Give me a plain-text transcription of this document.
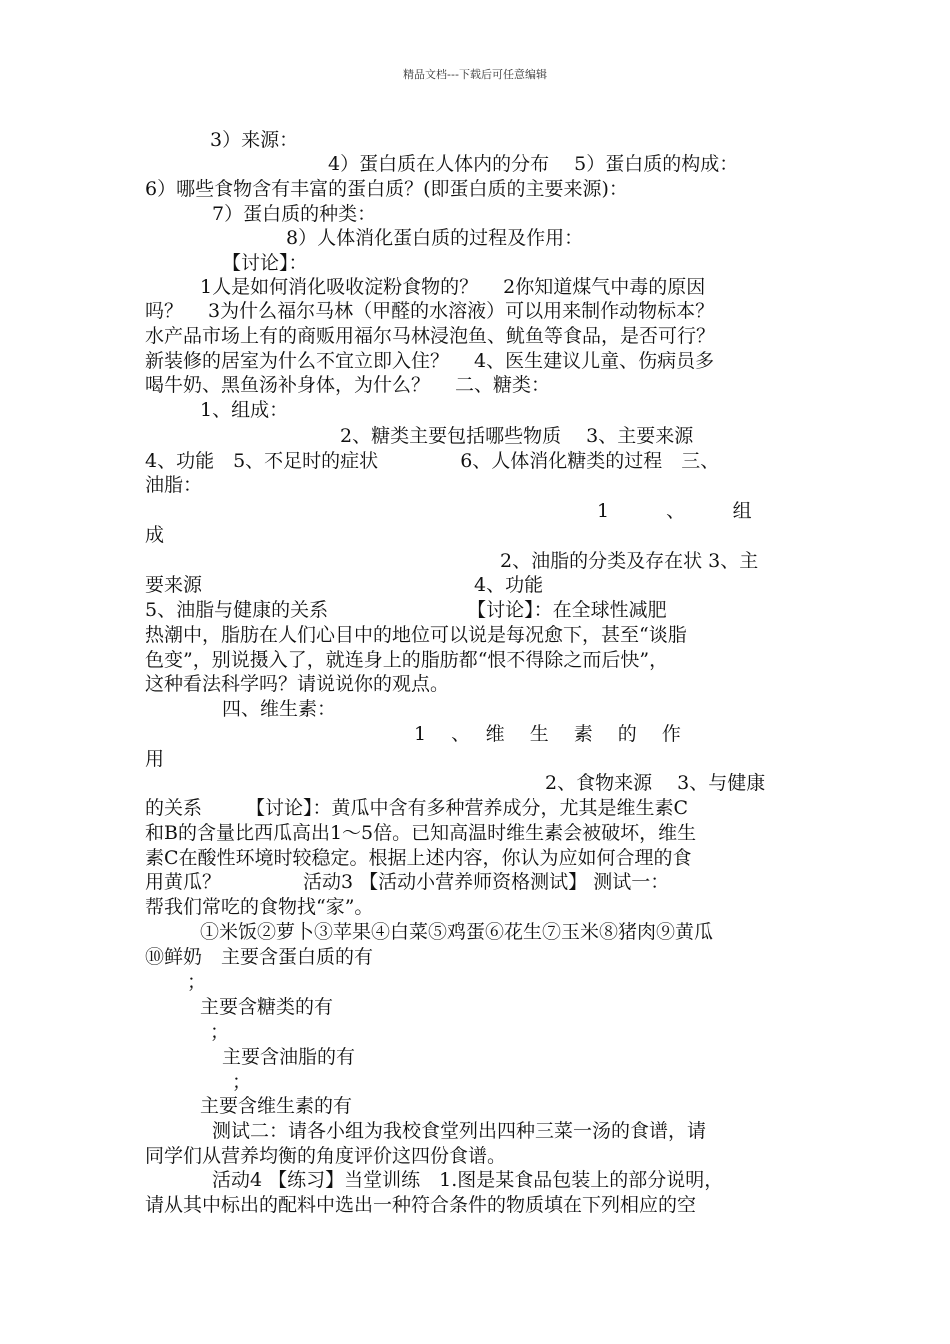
精品文档---下载后可任意编辑
3）来源：
4）蛋白质在人体内的分布　 5）蛋白质的构成：
6）哪些食物含有丰富的蛋白质？(即蛋白质的主要来源)：
7）蛋白质的种类：
8）人体消化蛋白质的过程及作用：
【讨论】：
1人是如何消化吸收淀粉食物的？　 2你知道煤气中毒的原因
吗？　 3为什么福尔马林（甲醛的水溶液）可以用来制作动物标本？
水产品市场上有的商贩用福尔马林浸泡鱼、鱿鱼等食品，是否可行？
新装修的居室为什么不宜立即入住？　 4、医生建议儿童、伤病员多
喝牛奶、黑鱼汤补身体，为什么？　 二、糖类：
1、组成：
2、糖类主要包括哪些物质　 3、主要来源
4、功能　5、不足时的症状　　　　 6、人体消化糖类的过程　三、
油脂：
1　　　、　　　组
成
2、油脂的分类及存在状 3、主
要来源　　　　　　　　　　　　　　 4、功能
5、油脂与健康的关系　　　　　　　 【讨论】：在全球性减肥
热潮中，脂肪在人们心目中的地位可以说是每况愈下，甚至“谈脂
色变”，别说摄入了，就连身上的脂肪都“恨不得除之而后快”，
这种看法科学吗？请说说你的观点。
四、维生素：
1　 、　 维　 生　 素　 的　 作
用
2、食物来源　 3、与健康
的关系　　 【讨论】：黄瓜中含有多种营养成分，尤其是维生素C
和B的含量比西瓜高出1～5倍。已知高温时维生素会被破坏，维生
素C在酸性环境时较稳定。根据上述内容，你认为应如何合理的食
用黄瓜？　　　　 活动3 【活动小营养师资格测试】 测试一：
帮我们常吃的食物找“家”。
①米饭②萝卜③苹果④白菜⑤鸡蛋⑥花生⑦玉米⑧猪肉⑨黄瓜
⑩鲜奶　主要含蛋白质的有
；
主要含糖类的有
；
主要含油脂的有
；
主要含维生素的有
测试二：请各小组为我校食堂列出四种三菜一汤的食谱，请
同学们从营养均衡的角度评价这四份食谱。
活动4 【练习】当堂训练　1.图是某食品包装上的部分说明，
请从其中标出的配料中选出一种符合条件的物质填在下列相应的空
